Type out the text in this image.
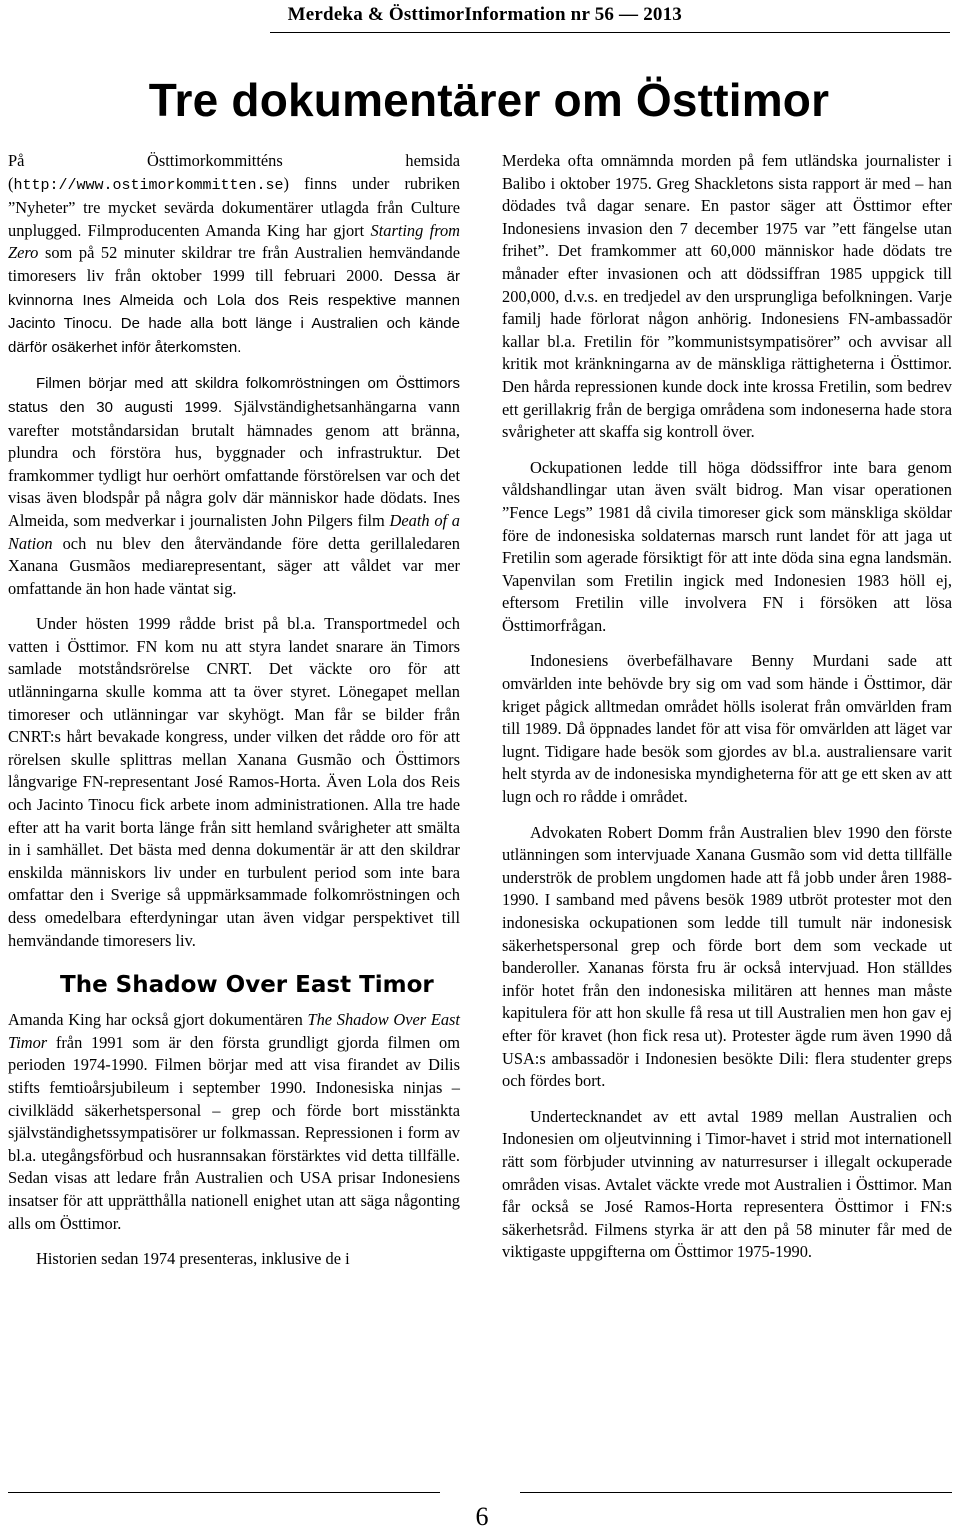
Merdeka & ÖsttimorInformation nr 56 — 2013
Tre dokumentärer om Östtimor

På Östtimorkommitténs hemsida (http://www.ostimorkommitten.se) finns under rubriken ”Nyheter” tre mycket sevärda dokumentärer utlagda från Culture unplugged. Filmproducenten Amanda King har gjort Starting from Zero som på 52 minuter skildrar tre från Australien hemvändande timoresers liv från oktober 1999 till februari 2000. Dessa är kvinnorna Ines Almeida och Lola dos Reis respektive mannen Jacinto Tinocu. De hade alla bott länge i Australien och kände därför osäkerhet inför återkomsten.

Filmen börjar med att skildra folkomröstningen om Östtimors status den 30 augusti 1999. Självständighetsanhängarna vann varefter motståndarsidan brutalt hämnades genom att bränna, plundra och förstöra hus, byggnader och infrastruktur. Det framkommer tydligt hur oerhört omfattande förstörelsen var och det visas även blodspår på några golv där människor hade dödats. Ines Almeida, som medverkar i journalisten John Pilgers film Death of a Nation och nu blev den återvändande före detta gerillaledaren Xanana Gusmãos mediarepresentant, säger att våldet var mer omfattande än hon hade väntat sig.

Under hösten 1999 rådde brist på bl.a. Transportmedel och vatten i Östtimor. FN kom nu att styra landet snarare än Timors samlade motståndsrörelse CNRT. Det väckte oro för att utlänningarna skulle komma att ta över styret. Lönegapet mellan timoreser och utlänningar var skyhögt. Man får se bilder från CNRT:s hårt bevakade kongress, under vilken det rådde oro för att rörelsen skulle splittras mellan Xanana Gusmão och Östtimors långvarige FN-representant José Ramos-Horta. Även Lola dos Reis och Jacinto Tinocu fick arbete inom administrationen. Alla tre hade efter att ha varit borta länge från sitt hemland svårigheter att smälta in i samhället. Det bästa med denna dokumentär är att den skildrar enskilda människors liv under en turbulent period som inte bara omfattar den i Sverige så uppmärksammade folkomröstningen och dess omedelbara efterdyningar utan även vidgar perspektivet till hemvändande timoresers liv.

The Shadow Over East Timor

Amanda King har också gjort dokumentären The Shadow Over East Timor från 1991 som är den första grundligt gjorda filmen om perioden 1974-1990. Filmen börjar med att visa firandet av Dilis stifts femtioårsjubileum i september 1990. Indonesiska ninjas – civilklädd säkerhetspersonal – grep och förde bort misstänkta självständighetssympatisörer ur folkmassan. Repressionen i form av bl.a. utegångsförbud och husrannsakan förstärktes vid detta tillfälle. Sedan visas att ledare från Australien och USA prisar Indonesiens insatser för att upprätthålla nationell enighet utan att säga någonting alls om Östtimor.

Historien sedan 1974 presenteras, inklusive de i

Merdeka ofta omnämnda morden på fem utländska journalister i Balibo i oktober 1975. Greg Shackletons sista rapport är med – han dödades två dagar senare. En pastor säger att Östtimor efter Indonesiens invasion den 7 december 1975 var ”ett fängelse utan frihet”. Det framkommer att 60,000 människor hade dödats tre månader efter invasionen och att dödssiffran 1985 uppgick till 200,000, d.v.s. en tredjedel av den ursprungliga befolkningen. Varje familj hade förlorat någon anhörig. Indonesiens FN-ambassadör kallar bl.a. Fretilin för ”kommunistsympatisörer” och avvisar all kritik mot kränkningarna av de mänskliga rättigheterna i Östtimor. Den hårda repressionen kunde dock inte krossa Fretilin, som bedrev ett gerillakrig från de bergiga områdena som indoneserna hade stora svårigheter att skaffa sig kontroll över.

Ockupationen ledde till höga dödssiffror inte bara genom våldshandlingar utan även svält bidrog. Man visar operationen ”Fence Legs” 1981 då civila timoreser gick som mänskliga sköldar före de indonesiska soldaternas marsch runt landet för att jaga ut Fretilin som agerade försiktigt för att inte döda sina egna landsmän. Vapenvilan som Fretilin ingick med Indonesien 1983 höll ej, eftersom Fretilin ville involvera FN i försöken att lösa Östtimorfrågan.

Indonesiens överbefälhavare Benny Murdani sade att omvärlden inte behövde bry sig om vad som hände i Östtimor, där kriget pågick alltmedan området hölls isolerat från omvärlden fram till 1989. Då öppnades landet för att visa för omvärlden att läget var lugnt. Tidigare hade besök som gjordes av bl.a. australiensare varit helt styrda av de indonesiska myndigheterna för att ge ett sken av att lugn och ro rådde i området.

Advokaten Robert Domm från Australien blev 1990 den förste utlänningen som intervjuade Xanana Gusmão som vid detta tillfälle underströk de problem ungdomen hade att få jobb under åren 1988-1990. I samband med påvens besök 1989 utbröt protester mot den indonesiska ockupationen som ledde till tumult när indonesisk säkerhetspersonal grep och förde bort dem som veckade ut banderoller. Xananas första fru är också intervjuad. Hon ställdes inför hotet från den indonesiska militären att hennes man måste kapitulera för att hon skulle få resa ut till Australien men hon gav ej efter för kravet (hon fick resa ut). Protester ägde rum även 1990 då USA:s ambassadör i Indonesien besökte Dili: flera studenter greps och fördes bort.

Undertecknandet av ett avtal 1989 mellan Australien och Indonesien om oljeutvinning i Timor-havet i strid mot internationell rätt som förbjuder utvinning av naturresurser i illegalt ockuperade områden visas. Avtalet väckte vrede mot Australien i Östtimor. Man får också se José Ramos-Horta representera Östtimor i FN:s säkerhetsråd. Filmens styrka är att den på 58 minuter får med de viktigaste uppgifterna om Östtimor 1975-1990.

6
